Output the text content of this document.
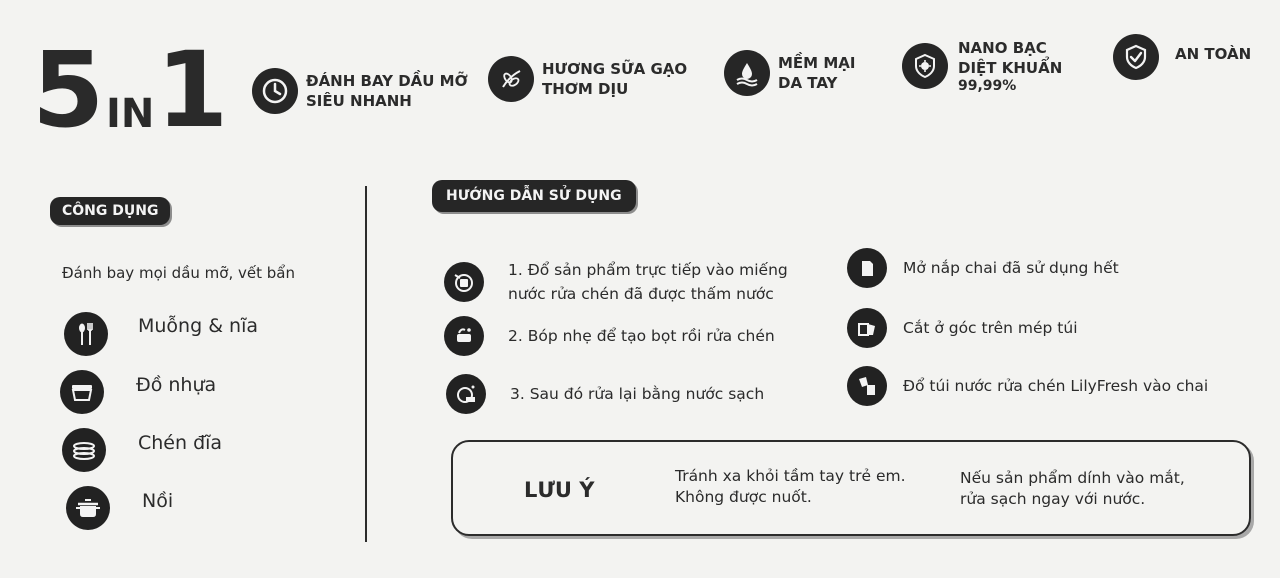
5 IN 1	ĐÁNH BAY DẦU MỠ
SIÊU NHANH
HƯƠNG SỮA GẠO
THƠM DỊU
MỀM MẠI
DA TAY
NANO BẠC
DIỆT KHUẨN
99,99%
AN TOÀN
CÔNG DỤNG
Đánh bay mọi dầu mỡ, vết bẩn
Muỗng & nĩa
Đồ nhựa
Chén đĩa
Nồi
HƯỚNG DẪN SỬ DỤNG
1. Đổ sản phẩm trực tiếp vào miếng
nước rửa chén đã được thấm nước
2. Bóp nhẹ để tạo bọt rồi rửa chén
3. Sau đó rửa lại bằng nước sạch
Mở nắp chai đã sử dụng hết
Cắt ở góc trên mép túi
Đổ túi nước rửa chén LilyFresh vào chai
LƯU Ý
Tránh xa khỏi tầm tay trẻ em.
Không được nuốt.
Nếu sản phẩm dính vào mắt,
rửa sạch ngay với nước.
